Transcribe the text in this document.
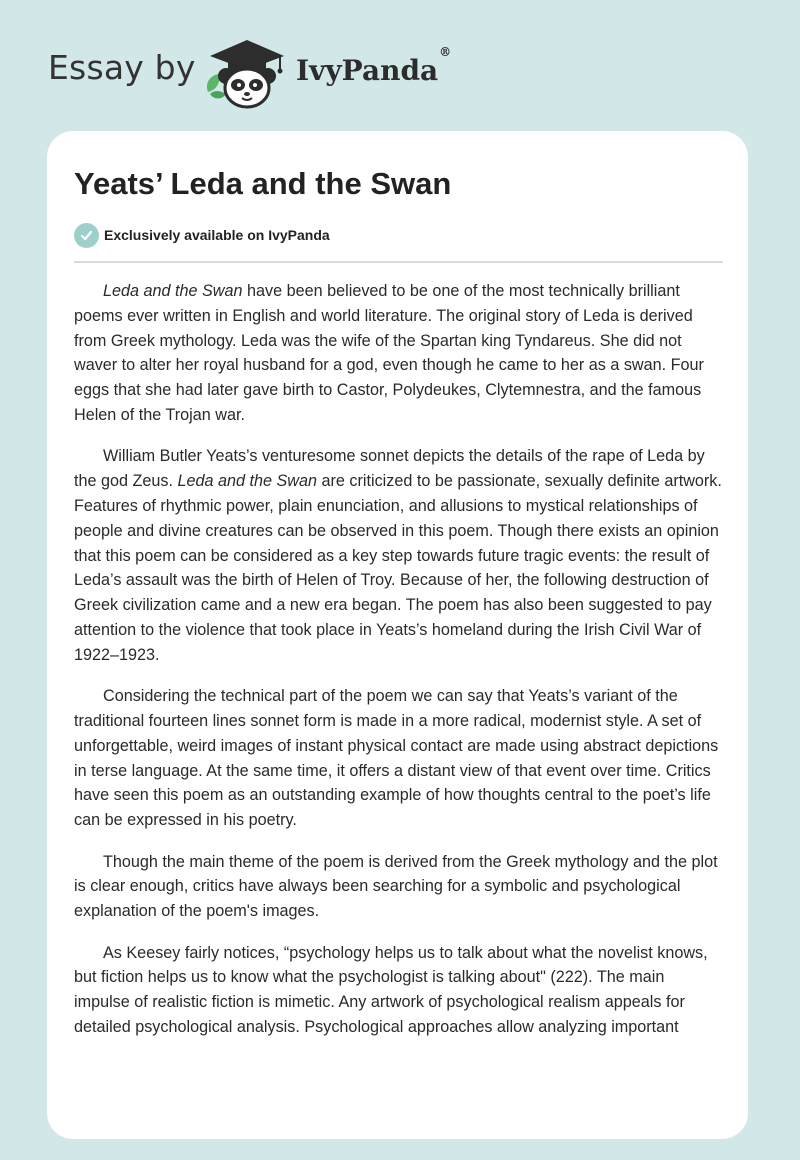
Essay by	IvyPanda®
Yeats’ Leda and the Swan
Exclusively available on IvyPanda

Leda and the Swan have been believed to be one of the most technically brilliant poems ever written in English and world literature. The original story of Leda is derived from Greek mythology. Leda was the wife of the Spartan king Tyndareus. She did not waver to alter her royal husband for a god, even though he came to her as a swan. Four eggs that she had later gave birth to Castor, Polydeukes, Clytemnestra, and the famous Helen of the Trojan war.

William Butler Yeats’s venturesome sonnet depicts the details of the rape of Leda by the god Zeus. Leda and the Swan are criticized to be passionate, sexually definite artwork. Features of rhythmic power, plain enunciation, and allusions to mystical relationships of people and divine creatures can be observed in this poem. Though there exists an opinion that this poem can be considered as a key step towards future tragic events: the result of Leda’s assault was the birth of Helen of Troy. Because of her, the following destruction of Greek civilization came and a new era began. The poem has also been suggested to pay attention to the violence that took place in Yeats’s homeland during the Irish Civil War of 1922–1923.

Considering the technical part of the poem we can say that Yeats’s variant of the traditional fourteen lines sonnet form is made in a more radical, modernist style. A set of unforgettable, weird images of instant physical contact are made using abstract depictions in terse language. At the same time, it offers a distant view of that event over time. Critics have seen this poem as an outstanding example of how thoughts central to the poet’s life can be expressed in his poetry.

Though the main theme of the poem is derived from the Greek mythology and the plot is clear enough, critics have always been searching for a symbolic and psychological explanation of the poem's images.

As Keesey fairly notices, “psychology helps us to talk about what the novelist knows, but fiction helps us to know what the psychologist is talking about" (222). The main impulse of realistic fiction is mimetic. Any artwork of psychological realism appeals for detailed psychological analysis. Psychological approaches allow analyzing important
